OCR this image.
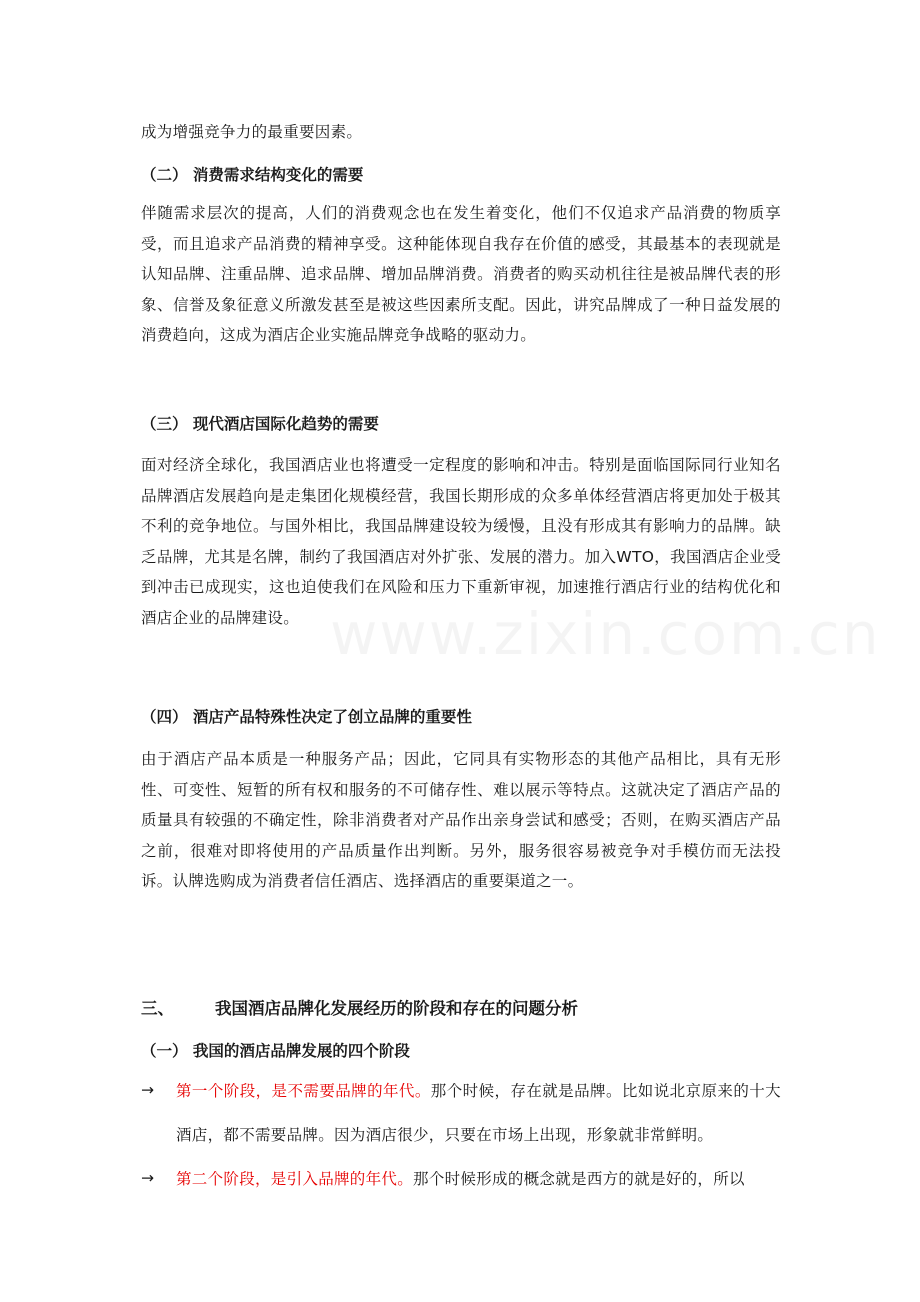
成为增强竞争力的最重要因素。

（二） 消费需求结构变化的需要

伴随需求层次的提高，人们的消费观念也在发生着变化，他们不仅追求产品消费的物质享受，而且追求产品消费的精神享受。这种能体现自我存在价值的感受，其最基本的表现就是认知品牌、注重品牌、追求品牌、增加品牌消费。消费者的购买动机往往是被品牌代表的形象、信誉及象征意义所激发甚至是被这些因素所支配。因此，讲究品牌成了一种日益发展的消费趋向，这成为酒店企业实施品牌竞争战略的驱动力。

（三） 现代酒店国际化趋势的需要

面对经济全球化，我国酒店业也将遭受一定程度的影响和冲击。特别是面临国际同行业知名品牌酒店发展趋向是走集团化规模经营，我国长期形成的众多单体经营酒店将更加处于极其不利的竞争地位。与国外相比，我国品牌建设较为缓慢，且没有形成其有影响力的品牌。缺乏品牌，尤其是名牌，制约了我国酒店对外扩张、发展的潜力。加入WTO，我国酒店企业受到冲击已成现实，这也迫使我们在风险和压力下重新审视，加速推行酒店行业的结构优化和酒店企业的品牌建设。

（四） 酒店产品特殊性决定了创立品牌的重要性

由于酒店产品本质是一种服务产品；因此，它同具有实物形态的其他产品相比，具有无形性、可变性、短暂的所有权和服务的不可储存性、难以展示等特点。这就决定了酒店产品的质量具有较强的不确定性，除非消费者对产品作出亲身尝试和感受；否则，在购买酒店产品之前，很难对即将使用的产品质量作出判断。另外，服务很容易被竞争对手模仿而无法投诉。认牌选购成为消费者信任酒店、选择酒店的重要渠道之一。

三、 我国酒店品牌化发展经历的阶段和存在的问题分析

（一） 我国的酒店品牌发展的四个阶段

→ 第一个阶段，是不需要品牌的年代。那个时候，存在就是品牌。比如说北京原来的十大酒店，都不需要品牌。因为酒店很少，只要在市场上出现，形象就非常鲜明。
→ 第二个阶段，是引入品牌的年代。那个时候形成的概念就是西方的就是好的，所以
